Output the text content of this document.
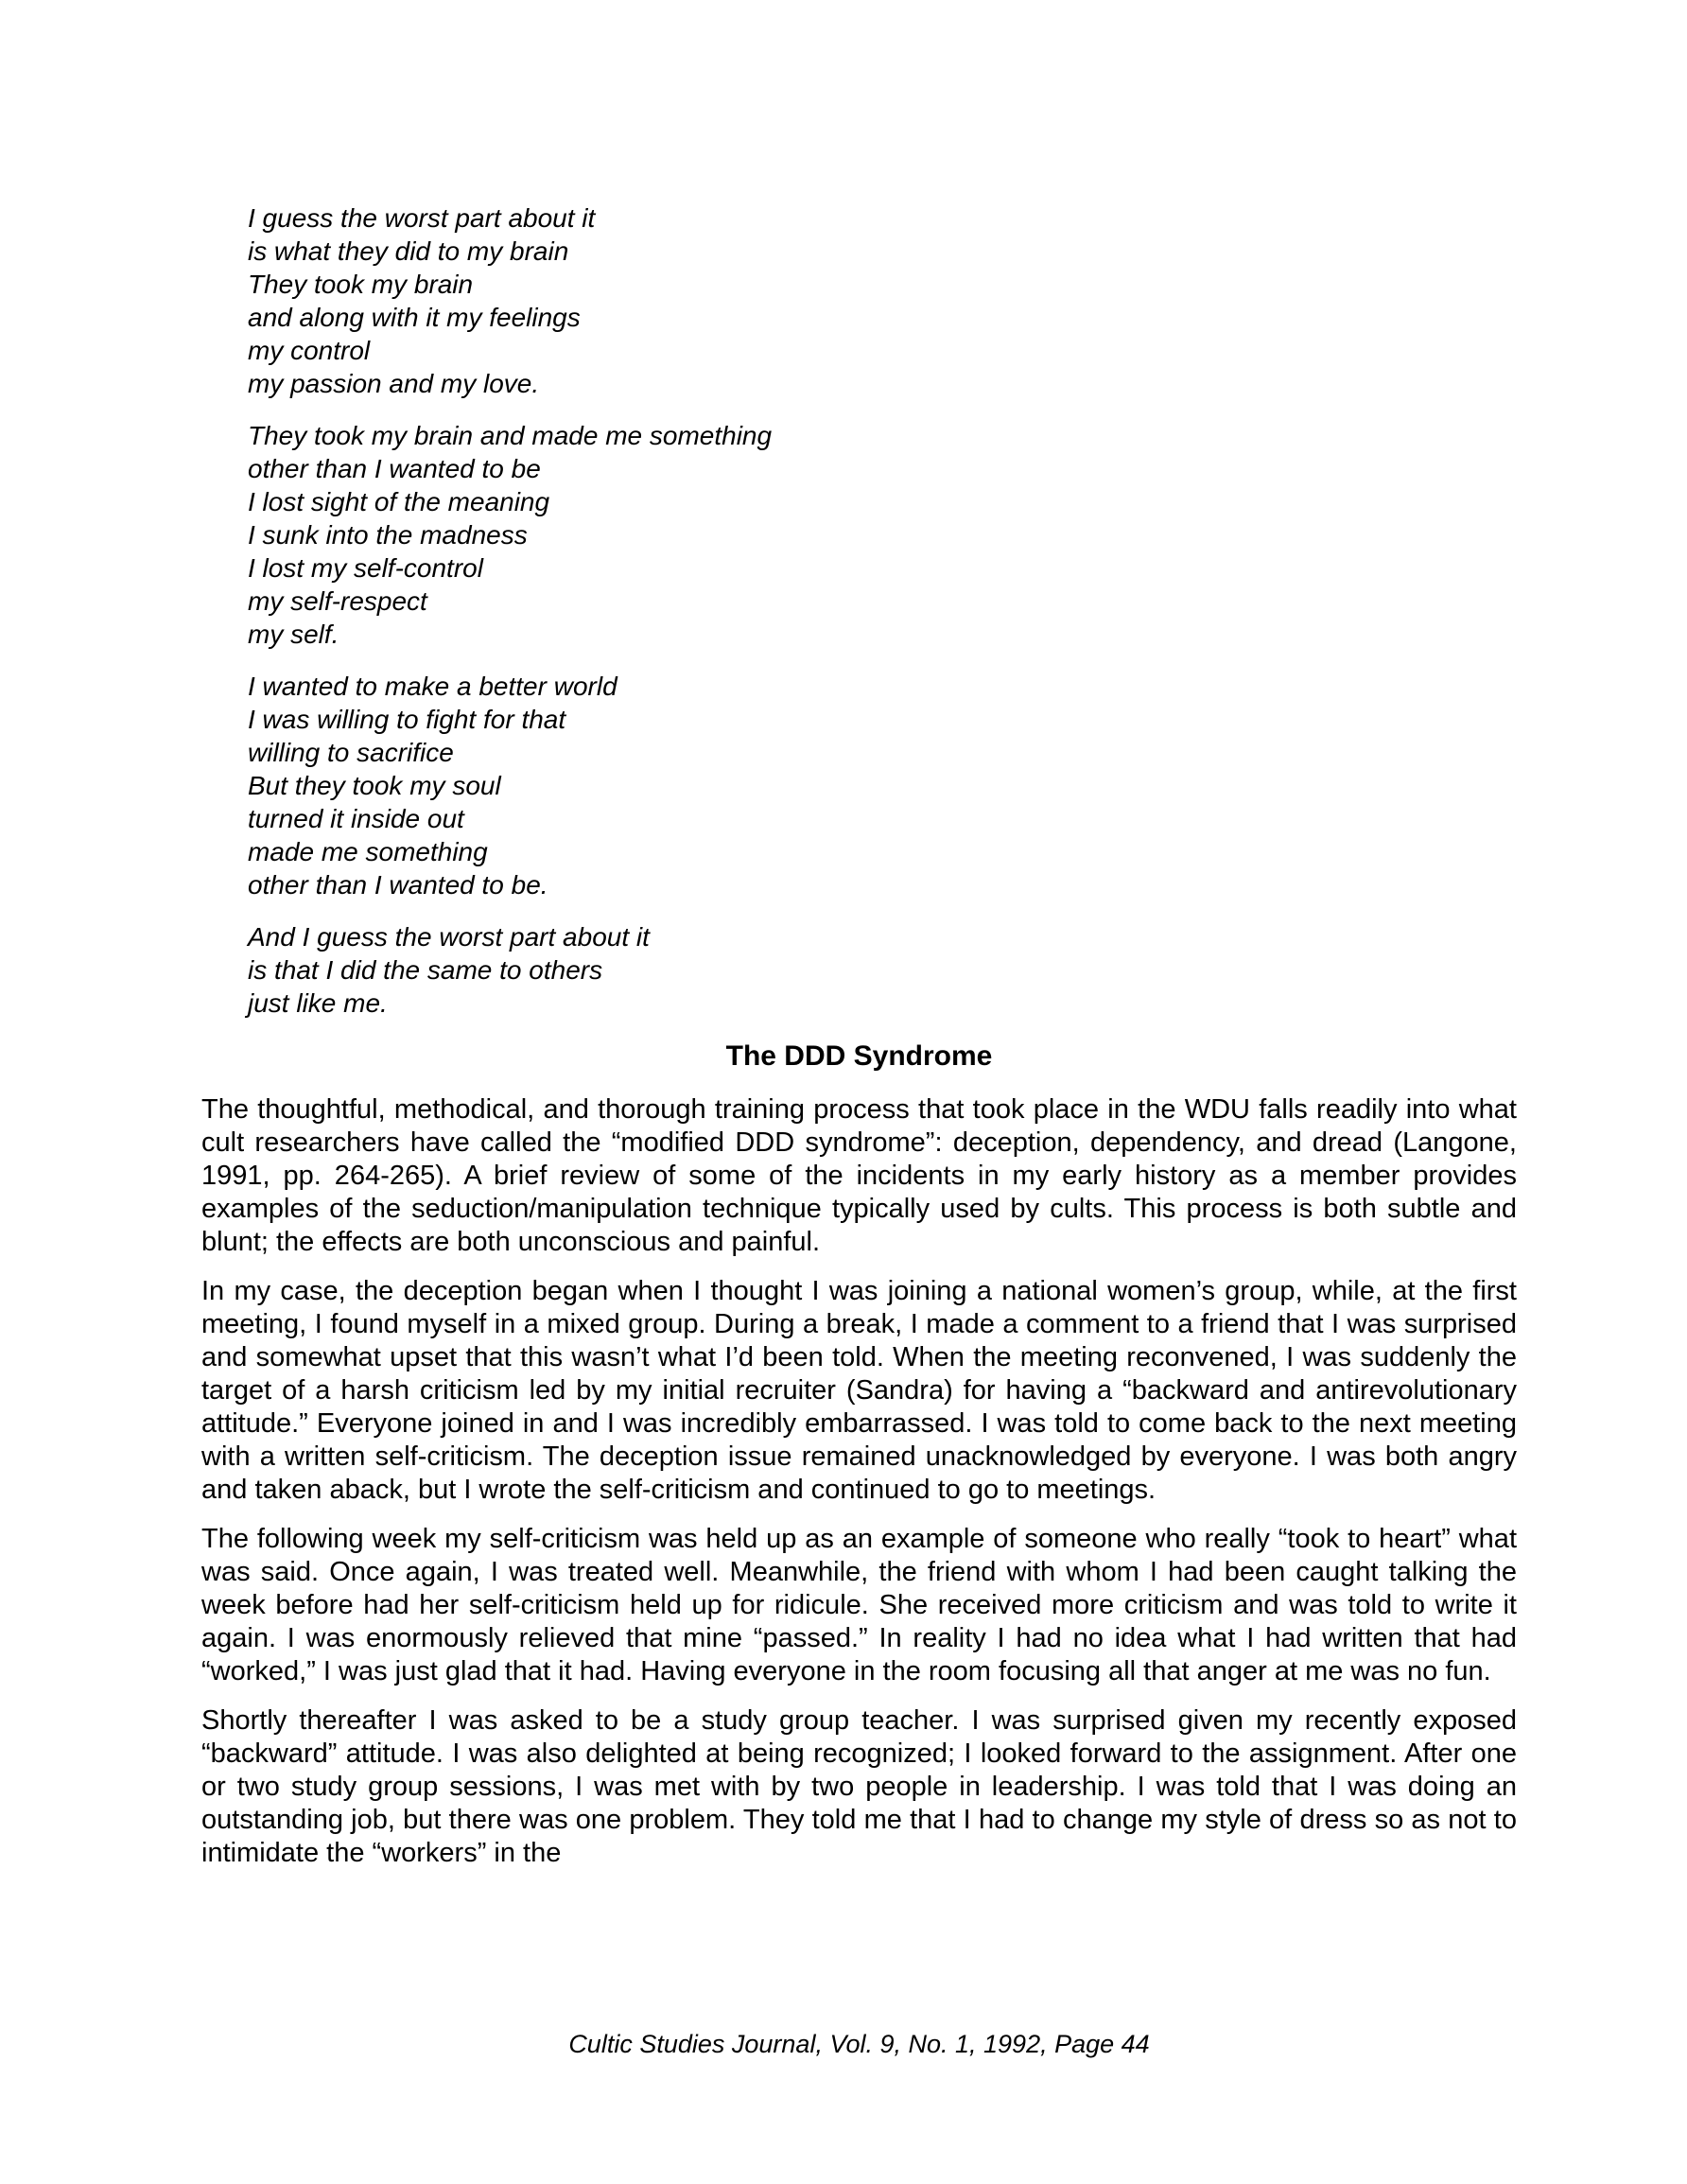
I guess the worst part about it
is what they did to my brain
They took my brain
and along with it my feelings
my control
my passion and my love.
They took my brain and made me something
other than I wanted to be
I lost sight of the meaning
I sunk into the madness
I lost my self-control
my self-respect
my self.
I wanted to make a better world
I was willing to fight for that
willing to sacrifice
But they took my soul
turned it inside out
made me something
other than I wanted to be.
And I guess the worst part about it
is that I did the same to others
just like me.
The DDD Syndrome

The thoughtful, methodical, and thorough training process that took place in the WDU falls readily into what cult researchers have called the “modified DDD syndrome”: deception, dependency, and dread (Langone, 1991, pp. 264-265). A brief review of some of the incidents in my early history as a member provides examples of the seduction/manipulation technique typically used by cults. This process is both subtle and blunt; the effects are both unconscious and painful.

In my case, the deception began when I thought I was joining a national women’s group, while, at the first meeting, I found myself in a mixed group. During a break, I made a comment to a friend that I was surprised and somewhat upset that this wasn’t what I’d been told. When the meeting reconvened, I was suddenly the target of a harsh criticism led by my initial recruiter (Sandra) for having a “backward and antirevolutionary attitude.” Everyone joined in and I was incredibly embarrassed. I was told to come back to the next meeting with a written self-criticism. The deception issue remained unacknowledged by everyone. I was both angry and taken aback, but I wrote the self-criticism and continued to go to meetings.

The following week my self-criticism was held up as an example of someone who really “took to heart” what was said. Once again, I was treated well. Meanwhile, the friend with whom I had been caught talking the week before had her self-criticism held up for ridicule. She received more criticism and was told to write it again. I was enormously relieved that mine “passed.” In reality I had no idea what I had written that had “worked,” I was just glad that it had. Having everyone in the room focusing all that anger at me was no fun.

Shortly thereafter I was asked to be a study group teacher. I was surprised given my recently exposed “backward” attitude. I was also delighted at being recognized; I looked forward to the assignment. After one or two study group sessions, I was met with by two people in leadership. I was told that I was doing an outstanding job, but there was one problem. They told me that I had to change my style of dress so as not to intimidate the “workers” in the

Cultic Studies Journal, Vol. 9, No. 1, 1992, Page 44
